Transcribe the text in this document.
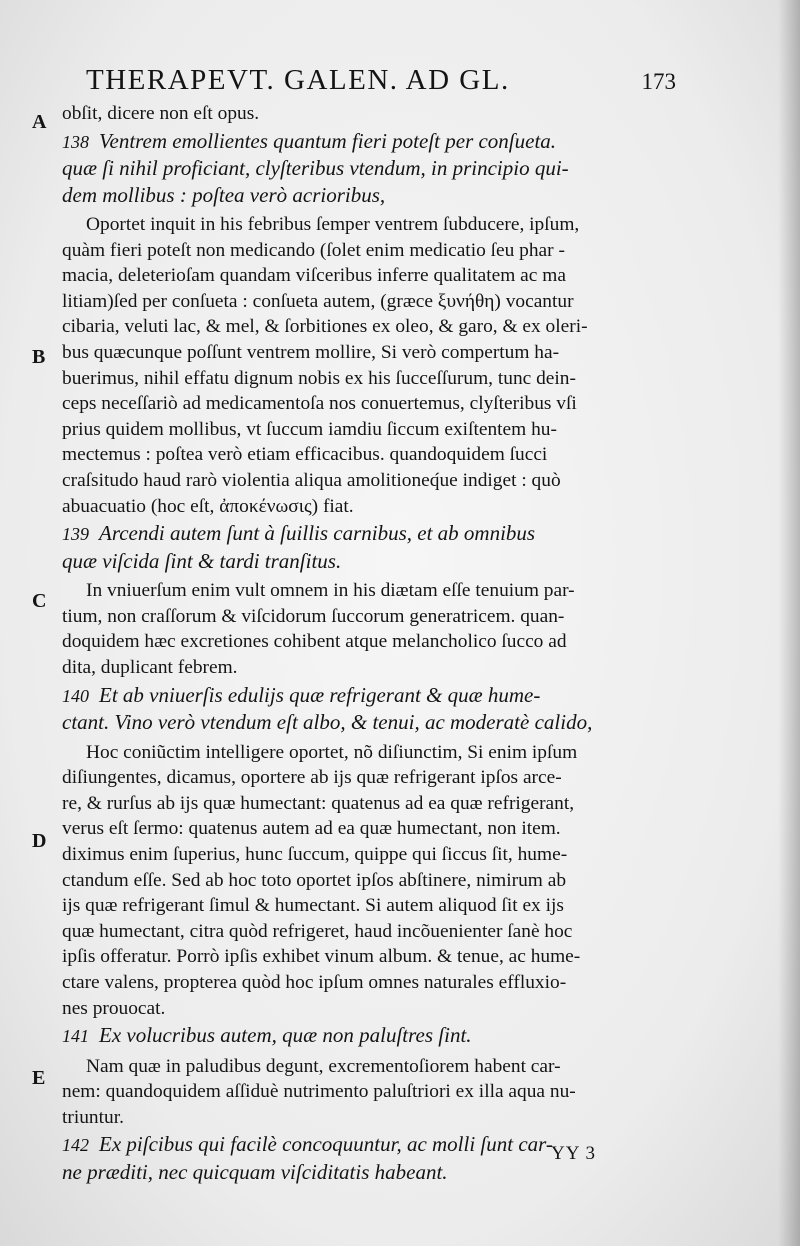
THERAPEVT. GALEN. AD GL.	173
A
B
C
D
E
obſit, dicere non eſt opus.
138 Ventrem emollientes quantum fieri poteſt per conſueta.
quæ ſi nihil proficiant, clyſteribus vtendum, in principio qui-
dem mollibus : poſtea verò acrioribus,
Oportet inquit in his febribus ſemper ventrem ſubducere, ipſum,
quàm fieri poteſt non medicando (ſolet enim medicatio ſeu phar -
macia, deleterioſam quandam viſceribus inferre qualitatem ac ma
litiam)ſed per conſueta : conſueta autem, (græce ξυνήθη) vocantur
cibaria, veluti lac, & mel, & ſorbitiones ex oleo, & garo, & ex oleri-
bus quæcunque poſſunt ventrem mollire, Si verò compertum ha-
buerimus, nihil effatu dignum nobis ex his ſucceſſurum, tunc dein-
ceps neceſſariò ad medicamentoſa nos conuertemus, clyſteribus vſi
prius quidem mollibus, vt ſuccum iamdiu ſiccum exiſtentem hu-
mectemus : poſtea verò etiam efficacibus. quandoquidem ſucci
craſsitudo haud rarò violentia aliqua amolitioneq́ue indiget : quò
abuacuatio (hoc eſt, ἀποκένωσις) fiat.
139 Arcendi autem ſunt à ſuillis carnibus, et ab omnibus
quæ viſcida ſint & tardi tranſitus.
In vniuerſum enim vult omnem in his diætam eſſe tenuium par-
tium, non craſſorum & viſcidorum ſuccorum generatricem. quan-
doquidem hæc excretiones cohibent atque melancholico ſucco ad
dita, duplicant febrem.
140 Et ab vniuerſis edulijs quæ refrigerant & quæ hume-
ctant. Vino verò vtendum eſt albo, & tenui, ac moderatè calido,
Hoc coniũctim intelligere oportet, nõ diſiunctim, Si enim ipſum
diſiungentes, dicamus, oportere ab ijs quæ refrigerant ipſos arce-
re, & rurſus ab ijs quæ humectant: quatenus ad ea quæ refrigerant,
verus eſt ſermo: quatenus autem ad ea quæ humectant, non item.
diximus enim ſuperius, hunc ſuccum, quippe qui ſiccus ſit, hume-
ctandum eſſe. Sed ab hoc toto oportet ipſos abſtinere, nimirum ab
ijs quæ refrigerant ſimul & humectant. Si autem aliquod ſit ex ijs
quæ humectant, citra quòd refrigeret, haud incõuenienter ſanè hoc
ipſis offeratur. Porrò ipſis exhibet vinum album. & tenue, ac hume-
ctare valens, propterea quòd hoc ipſum omnes naturales effluxio-
nes prouocat.
141 Ex volucribus autem, quæ non paluſtres ſint.
Nam quæ in paludibus degunt, excrementoſiorem habent car-
nem: quandoquidem aſſiduè nutrimento paluſtriori ex illa aqua nu-
triuntur.
142 Ex piſcibus qui facilè concoquuntur, ac molli ſunt car-
ne præditi, nec quicquam viſciditatis habeant.
YY 3
